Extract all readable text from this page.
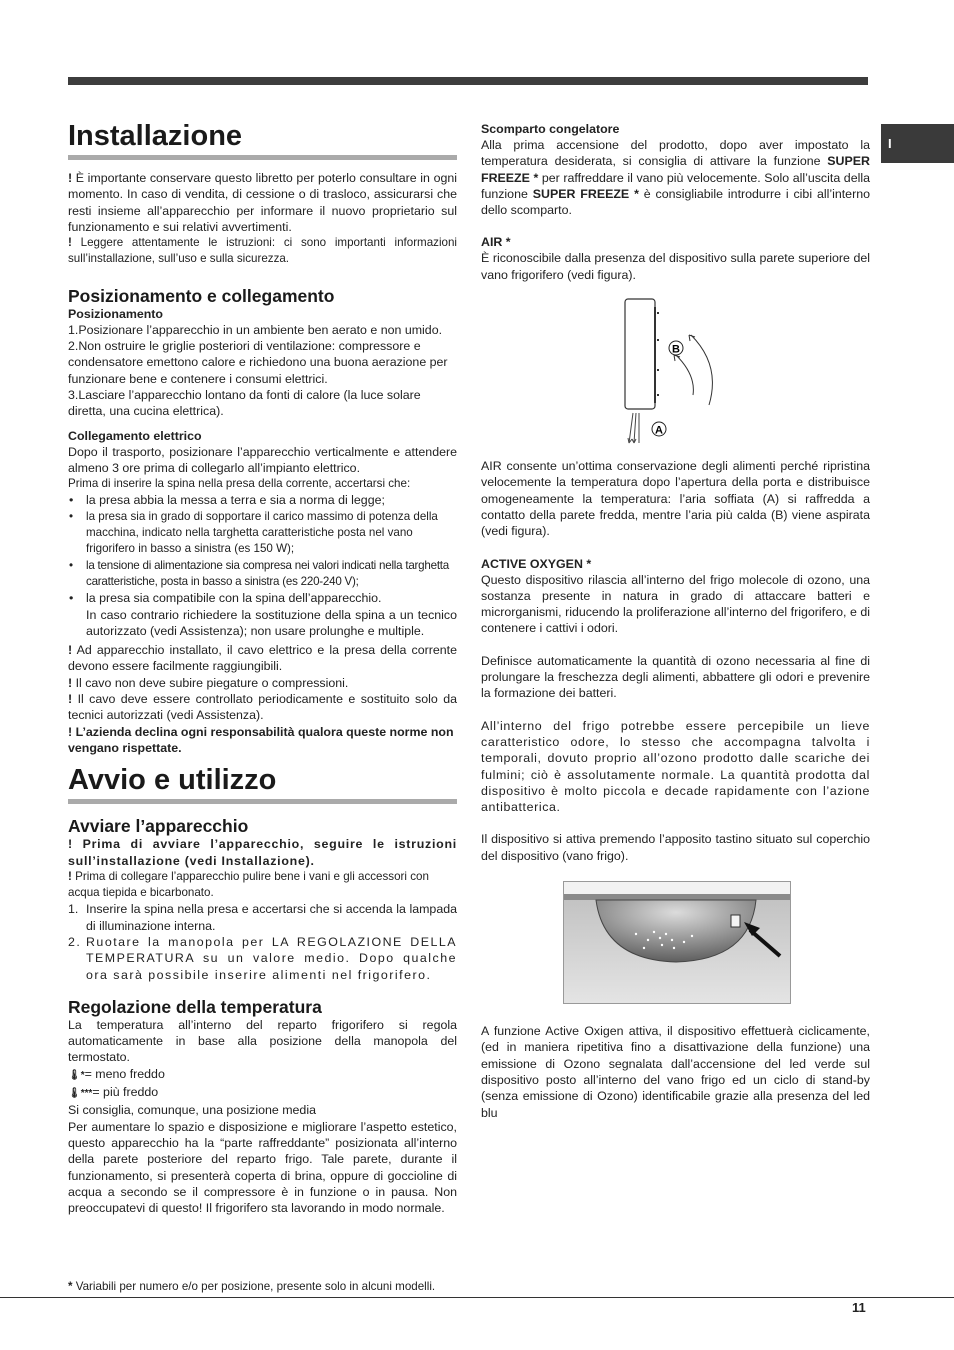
I
Installazione

! È importante conservare questo libretto per poterlo consultare in ogni momento. In caso di vendita, di cessione o di trasloco, assicurarsi che resti insieme all’apparecchio per informare il nuovo proprietario sul funzionamento e sui relativi avvertimenti.

! Leggere attentamente le istruzioni: ci sono importanti informazioni sull’installazione, sull’uso e sulla sicurezza.

Posizionamento e collegamento
Posizionamento

1.Posizionare l’apparecchio in un ambiente ben aerato e non umido.

2.Non ostruire le griglie posteriori di ventilazione: compressore e condensatore emettono calore e richiedono una buona aerazione per funzionare bene e contenere i consumi elettrici.

3.Lasciare l’apparecchio lontano da fonti di calore (la luce solare diretta, una cucina elettrica).

Collegamento elettrico

Dopo il trasporto, posizionare l’apparecchio verticalmente e attendere almeno 3 ore prima di collegarlo all’impianto elettrico.

Prima di inserire la spina nella presa della corrente, accertarsi che:

• la presa abbia la messa a terra e sia a norma di legge;
• la presa sia in grado di sopportare il carico massimo di potenza della macchina, indicato nella targhetta caratteristiche posta nel vano frigorifero in basso a sinistra (es 150 W);
• la tensione di alimentazione sia compresa nei valori indicati nella targhetta caratteristiche, posta in basso a sinistra (es 220-240 V);
• la presa sia compatibile con la spina dell’apparecchio.

In caso contrario richiedere la sostituzione della spina a un tecnico autorizzato (vedi Assistenza); non usare prolunghe e multiple.

! Ad apparecchio installato, il cavo elettrico e la presa della corrente devono essere facilmente raggiungibili.

! Il cavo non deve subire piegature o compressioni.

! Il cavo deve essere controllato periodicamente e sostituito solo da tecnici autorizzati (vedi Assistenza).

! L’azienda declina ogni responsabilità qualora queste norme non vengano rispettate.

Avvio e utilizzo
Avviare l’apparecchio

! Prima di avviare l’apparecchio, seguire le istruzioni sull’installazione (vedi Installazione).

! Prima di collegare l’apparecchio pulire bene i vani e gli accessori con acqua tiepida e bicarbonato.

1. Inserire la spina nella presa e accertarsi che si accenda la lampada di illuminazione interna.
2. Ruotare la manopola per LA REGOLAZIONE DELLA TEMPERATURA su un valore medio. Dopo qualche ora sarà possibile inserire alimenti nel frigorifero.
Regolazione della temperatura

La temperatura all’interno del reparto frigorifero si regola automaticamente in base alla posizione della manopola del termostato.

🌡*= meno freddo

🌡***= più freddo

Si consiglia, comunque, una posizione media

Per aumentare lo spazio e disposizione e migliorare l’aspetto estetico, questo apparecchio ha la “parte raffreddante” posizionata all’interno della parete posteriore del reparto frigo. Tale parete, durante il funzionamento, si presenterà coperta di brina, oppure di goccioline di acqua a secondo se il compressore è in funzione o in pausa. Non preoccupatevi di questo! Il frigorifero sta lavorando in modo normale.

Scomparto congelatore

Alla prima accensione del prodotto, dopo aver impostato la temperatura desiderata, si consiglia di attivare la funzione SUPER FREEZE * per raffreddare il vano più velocemente. Solo all’uscita della funzione SUPER FREEZE * è consigliabile introdurre i cibi all’interno dello scomparto.

AIR *

È riconoscibile dalla presenza del dispositivo sulla parete superiore del vano frigorifero (vedi figura).

B
A

AIR consente un’ottima conservazione degli alimenti perché ripristina velocemente la temperatura dopo l’apertura della porta e distribuisce omogeneamente la temperatura: l’aria soffiata (A) si raffredda a contatto della parete fredda, mentre l’aria più calda (B) viene aspirata (vedi figura).

ACTIVE OXYGEN *

Questo dispositivo rilascia all’interno del frigo molecole di ozono, una sostanza presente in natura in grado di attaccare batteri e microrganismi, riducendo la proliferazione all’interno del frigorifero, e di contenere i cattivi i odori.

Definisce automaticamente la quantità di ozono necessaria al fine di prolungare la freschezza degli alimenti, abbattere gli odori e prevenire la formazione dei batteri.

All’interno del frigo potrebbe essere percepibile un lieve caratteristico odore, lo stesso che accompagna talvolta i temporali, dovuto proprio all’ozono prodotto dalle scariche dei fulmini; ciò è assolutamente normale. La quantità prodotta dal dispositivo è molto piccola e decade rapidamente con l’azione antibatterica.

Il dispositivo si attiva premendo l’apposito tastino situato sul coperchio del dispositivo (vano frigo).

A funzione Active Oxigen attiva, il dispositivo effettuerà ciclicamente, (ed in maniera ripetitiva fino a disattivazione della funzione) una emissione di Ozono segnalata dall’accensione del led verde sul dispositivo posto all’interno del vano frigo ed un ciclo di stand-by (senza emissione di Ozono) identificabile grazie alla presenza del led blu

* Variabili per numero e/o per posizione, presente solo in alcuni modelli.
11
